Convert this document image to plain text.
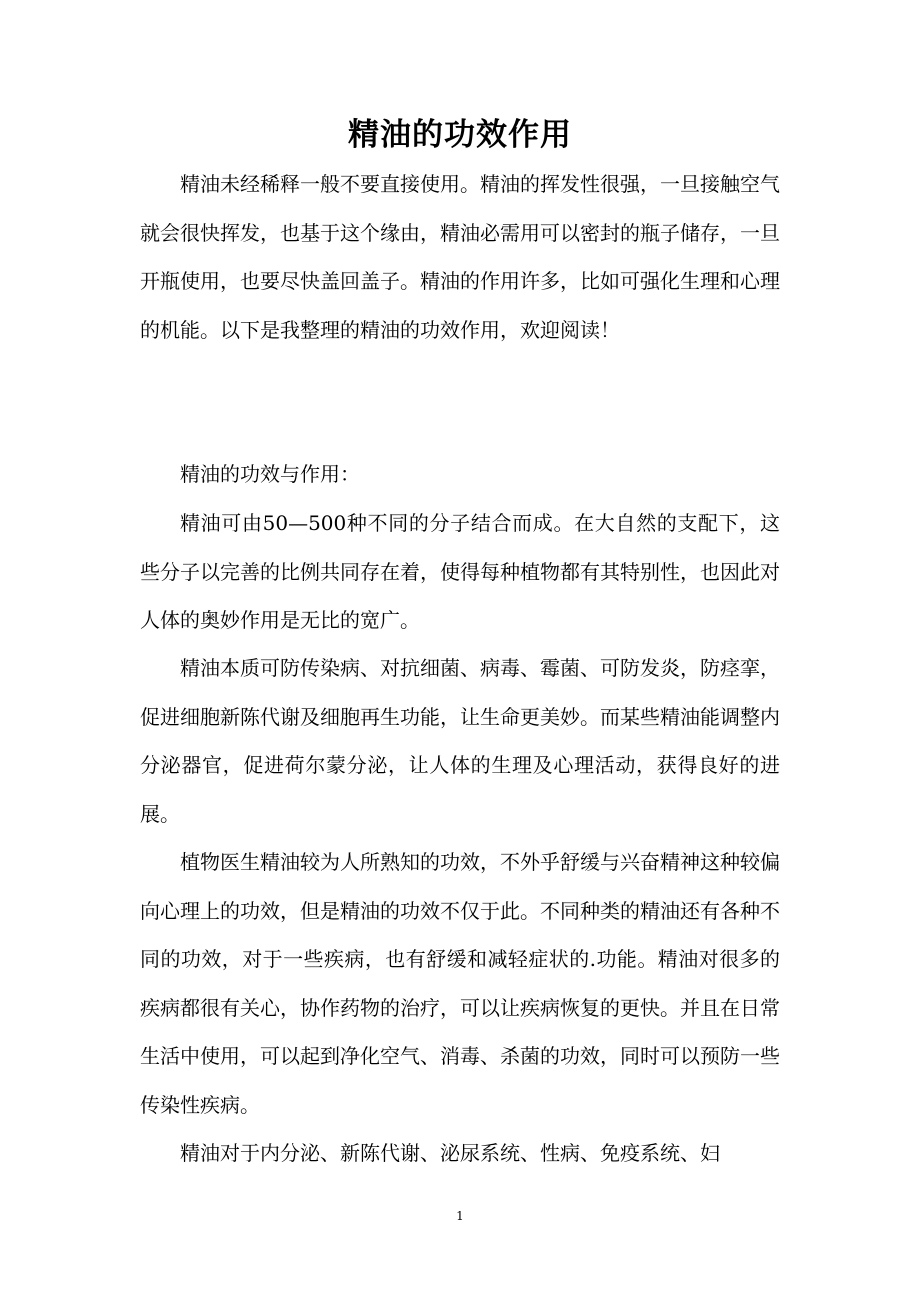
精油的功效作用

精油未经稀释一般不要直接使用。精油的挥发性很强，一旦接触空气就会很快挥发，也基于这个缘由，精油必需用可以密封的瓶子储存，一旦开瓶使用，也要尽快盖回盖子。精油的作用许多，比如可强化生理和心理的机能。以下是我整理的精油的功效作用，欢迎阅读！

精油的功效与作用：

精油可由50—500种不同的分子结合而成。在大自然的支配下，这些分子以完善的比例共同存在着，使得每种植物都有其特别性，也因此对人体的奥妙作用是无比的宽广。

精油本质可防传染病、对抗细菌、病毒、霉菌、可防发炎，防痉挛，促进细胞新陈代谢及细胞再生功能，让生命更美妙。而某些精油能调整内分泌器官，促进荷尔蒙分泌，让人体的生理及心理活动，获得良好的进展。

植物医生精油较为人所熟知的功效，不外乎舒缓与兴奋精神这种较偏向心理上的功效，但是精油的功效不仅于此。不同种类的精油还有各种不同的功效，对于一些疾病，也有舒缓和减轻症状的.功能。精油对很多的疾病都很有关心，协作药物的治疗，可以让疾病恢复的更快。并且在日常生活中使用，可以起到净化空气、消毒、杀菌的功效，同时可以预防一些传染性疾病。

精油对于内分泌、新陈代谢、泌尿系统、性病、免疫系统、妇

1
